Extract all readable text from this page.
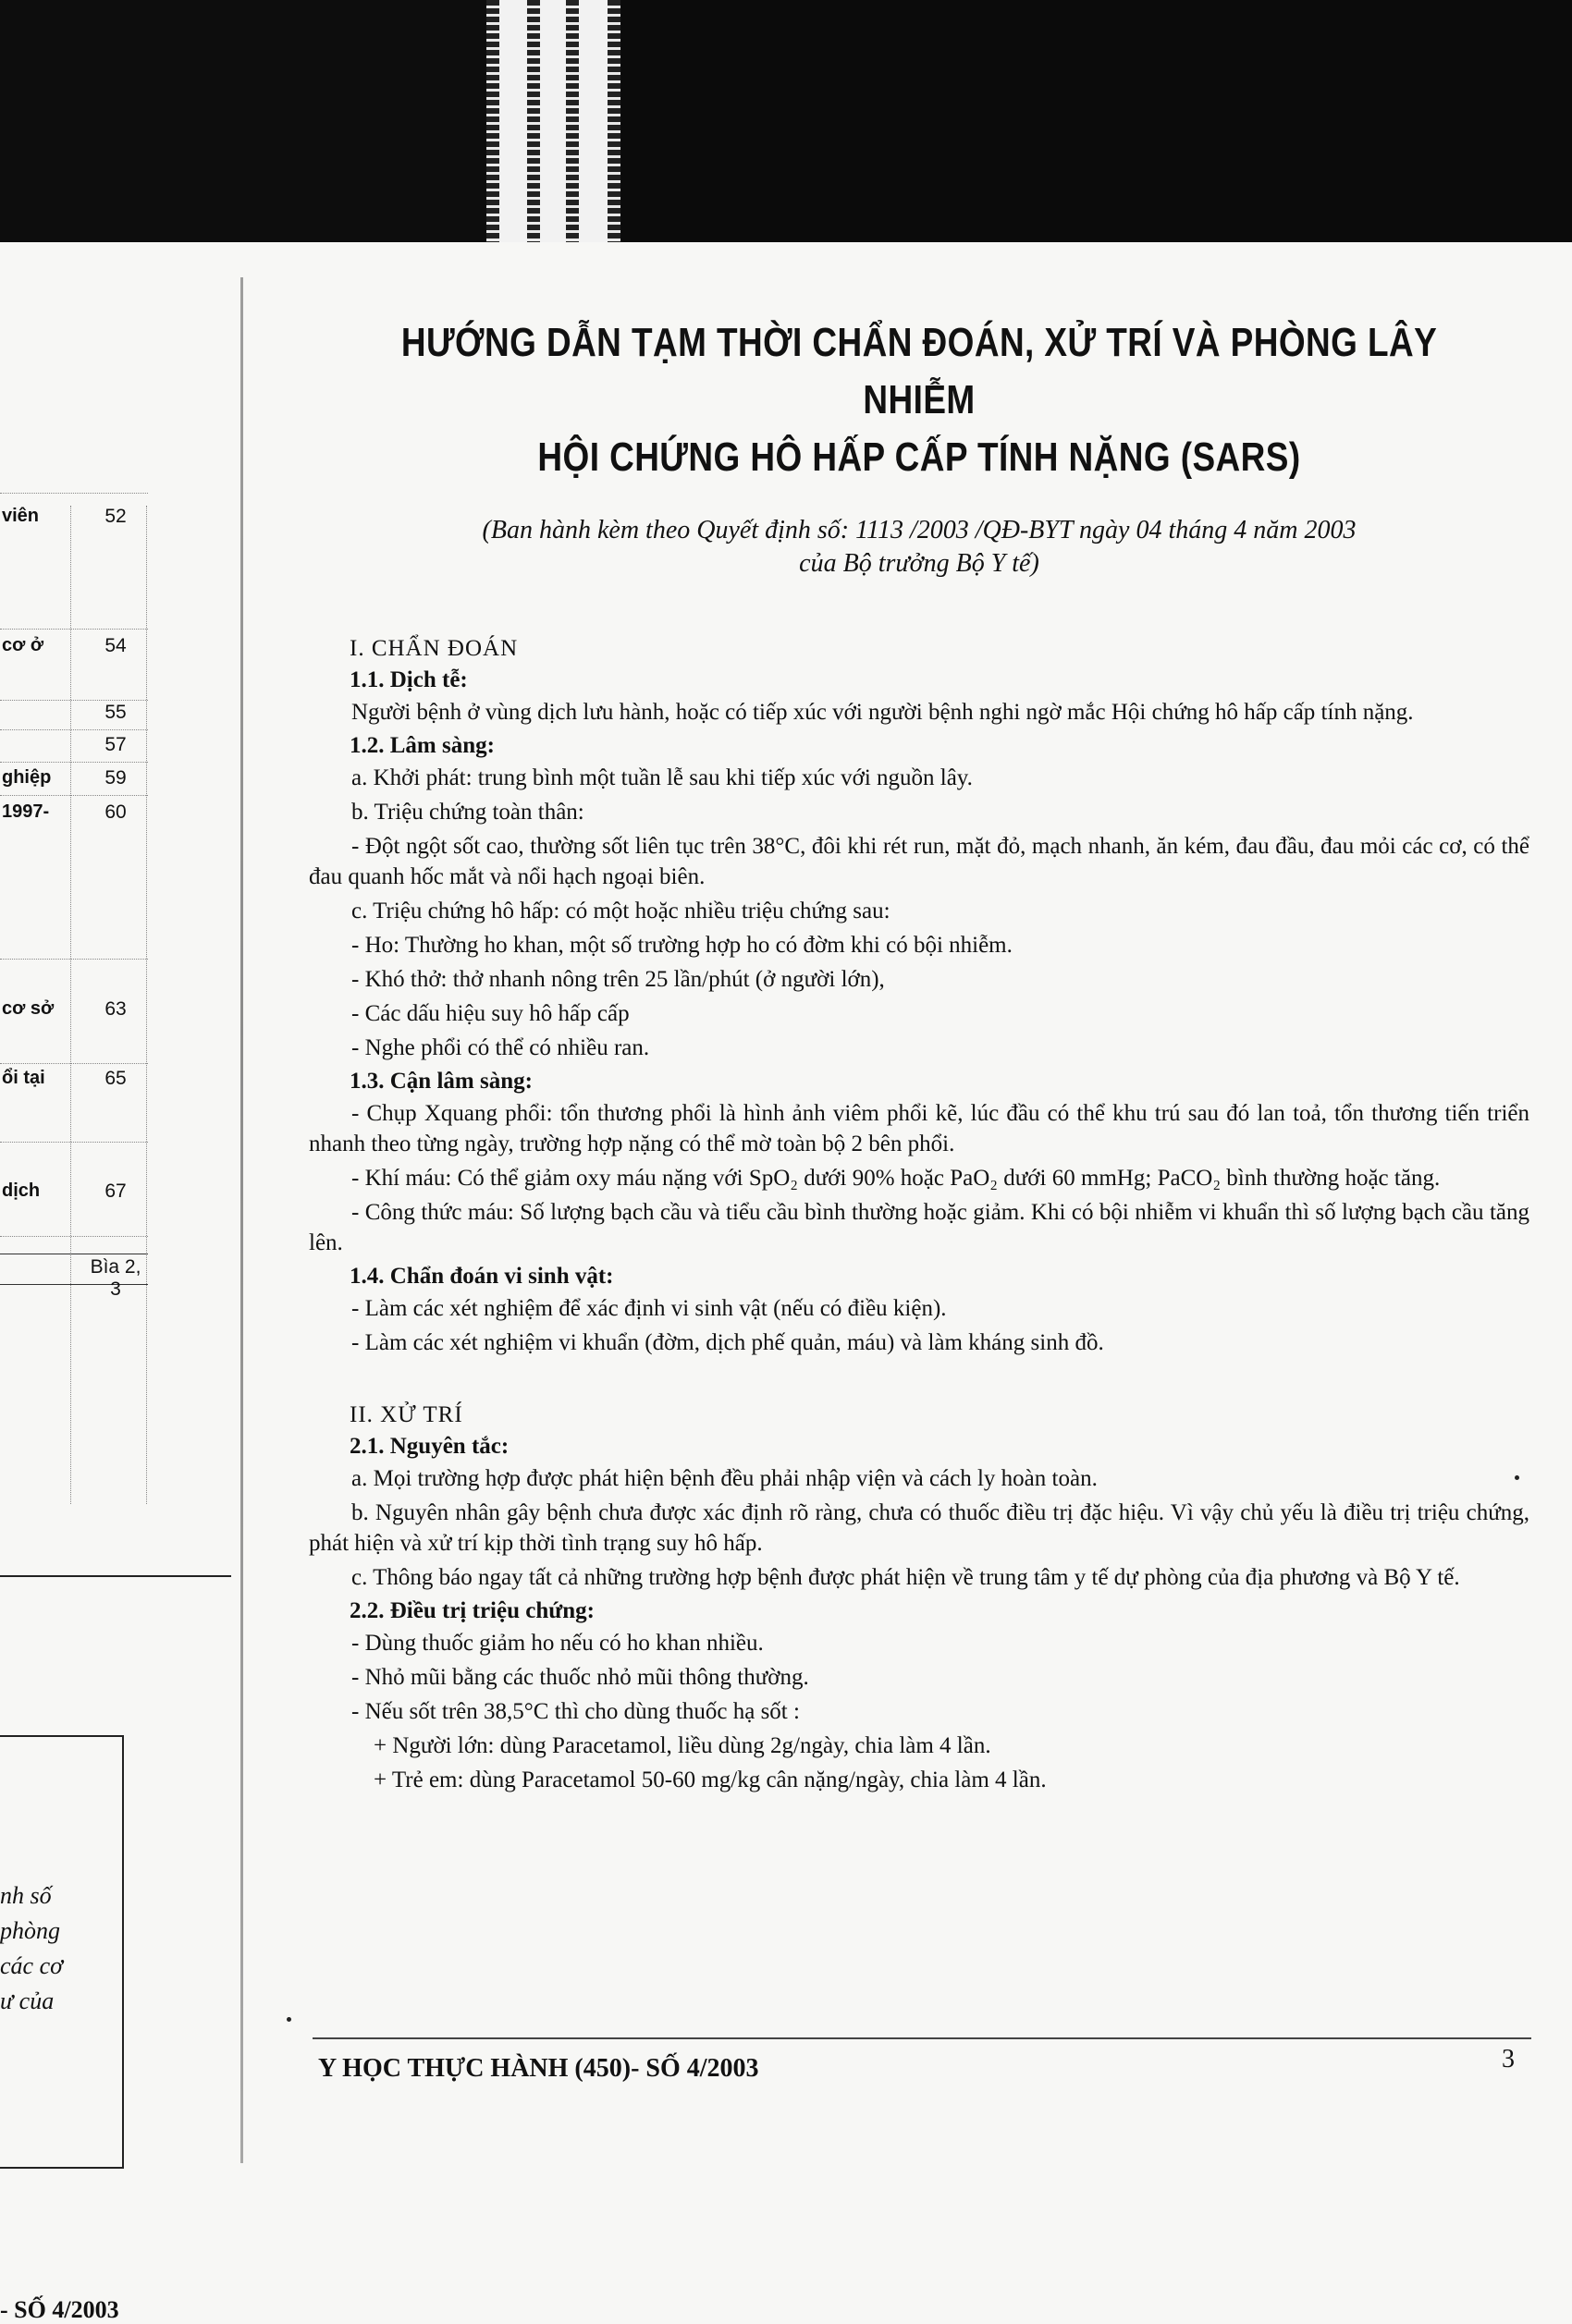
viên	52
cơ ở	54
55
57
ghiệp	59
1997-	60
cơ sở	63
ổi tại	65
dịch	67
Bìa 2, 3
nh số
phòng
các cơ
ư của
- SỐ 4/2003
HƯỚNG DẪN TẠM THỜI CHẨN ĐOÁN, XỬ TRÍ VÀ PHÒNG LÂY NHIỄM
HỘI CHỨNG HÔ HẤP CẤP TÍNH NẶNG (SARS)
(Ban hành kèm theo Quyết định số: 1113 /2003 /QĐ-BYT ngày 04 tháng 4 năm 2003
của Bộ trưởng Bộ Y tế)
I. CHẨN ĐOÁN
1.1. Dịch tễ:

Người bệnh ở vùng dịch lưu hành, hoặc có tiếp xúc với người bệnh nghi ngờ mắc Hội chứng hô hấp cấp tính nặng.

1.2. Lâm sàng:

a. Khởi phát: trung bình một tuần lễ sau khi tiếp xúc với nguồn lây.

b. Triệu chứng toàn thân:

- Đột ngột sốt cao, thường sốt liên tục trên 38°C, đôi khi rét run, mặt đỏ, mạch nhanh, ăn kém, đau đầu, đau mỏi các cơ, có thể đau quanh hốc mắt và nổi hạch ngoại biên.

c. Triệu chứng hô hấp: có một hoặc nhiều triệu chứng sau:

- Ho: Thường ho khan, một số trường hợp ho có đờm khi có bội nhiễm.

- Khó thở: thở nhanh nông trên 25 lần/phút (ở người lớn),

- Các dấu hiệu suy hô hấp cấp

- Nghe phổi có thể có nhiều ran.

1.3. Cận lâm sàng:

- Chụp Xquang phổi: tổn thương phổi là hình ảnh viêm phổi kẽ, lúc đầu có thể khu trú sau đó lan toả, tổn thương tiến triển nhanh theo từng ngày, trường hợp nặng có thể mờ toàn bộ 2 bên phổi.

- Khí máu: Có thể giảm oxy máu nặng với SpO₂ dưới 90% hoặc PaO₂ dưới 60 mmHg; PaCO₂ bình thường hoặc tăng.

- Công thức máu: Số lượng bạch cầu và tiểu cầu bình thường hoặc giảm. Khi có bội nhiễm vi khuẩn thì số lượng bạch cầu tăng lên.

1.4. Chẩn đoán vi sinh vật:

- Làm các xét nghiệm để xác định vi sinh vật (nếu có điều kiện).

- Làm các xét nghiệm vi khuẩn (đờm, dịch phế quản, máu) và làm kháng sinh đồ.

II. XỬ TRÍ
2.1. Nguyên tắc:

a. Mọi trường hợp được phát hiện bệnh đều phải nhập viện và cách ly hoàn toàn.

b. Nguyên nhân gây bệnh chưa được xác định rõ ràng, chưa có thuốc điều trị đặc hiệu. Vì vậy chủ yếu là điều trị triệu chứng, phát hiện và xử trí kịp thời tình trạng suy hô hấp.

c. Thông báo ngay tất cả những trường hợp bệnh được phát hiện về trung tâm y tế dự phòng của địa phương và Bộ Y tế.

2.2. Điều trị triệu chứng:

- Dùng thuốc giảm ho nếu có ho khan nhiều.

- Nhỏ mũi bằng các thuốc nhỏ mũi thông thường.

- Nếu sốt trên 38,5°C thì cho dùng thuốc hạ sốt :

+ Người lớn: dùng Paracetamol, liều dùng 2g/ngày, chia làm 4 lần.

+ Trẻ em: dùng Paracetamol 50-60 mg/kg cân nặng/ngày, chia làm 4 lần.

Y HỌC THỰC HÀNH (450)- SỐ 4/2003	3
